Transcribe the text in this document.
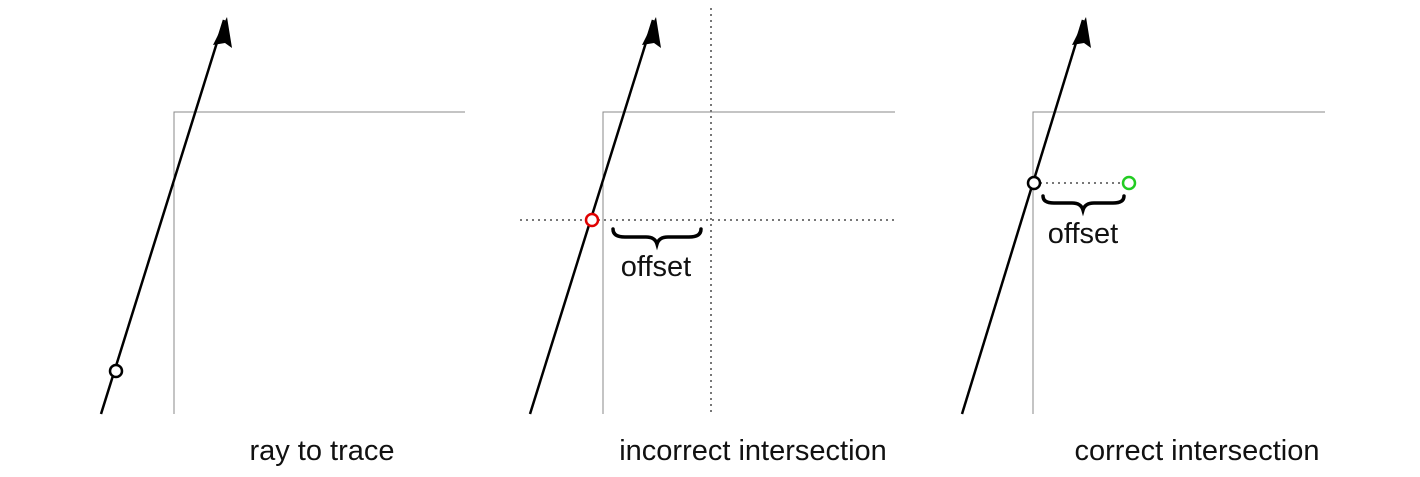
ray to trace
offset
incorrect intersection
offset
correct intersection
